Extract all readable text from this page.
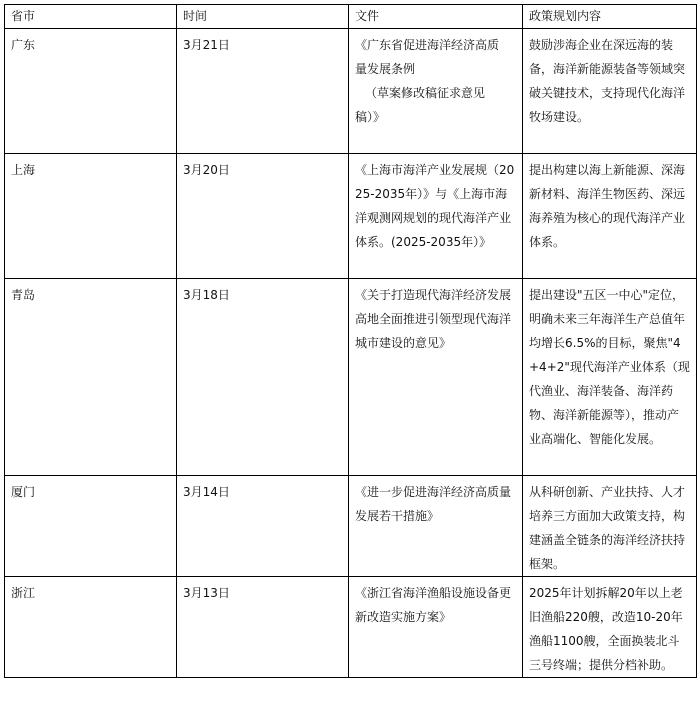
省市	时间	文件	政策规划内容

广东	3月21日	《广东省促进海洋经济高质
量发展条例
（草案修改稿征求意见
稿）》	鼓励涉海企业在深远海的装备，海洋新能源装备等领域突破关键技术，支持现代化海洋牧场建设。

上海	3月20日	《上海市海洋产业发展规（2025-2035年）》与《上海市海洋观测网规划的现代海洋产业体系。(2025-2035年）》	提出构建以海上新能源、深海新材料、海洋生物医药、深远海养殖为核心的现代海洋产业体系。

青岛	3月18日	《关于打造现代海洋经济发展高地全面推进引领型现代海洋城市建设的意见》	提出建设"五区一中心"定位，明确未来三年海洋生产总值年均增长6.5%的目标，聚焦"4+4+2"现代海洋产业体系（现代渔业、海洋装备、海洋药物、海洋新能源等），推动产业高端化、智能化发展。

厦门	3月14日	《进一步促进海洋经济高质量发展若干措施》	从科研创新、产业扶持、人才培养三方面加大政策支持，构建涵盖全链条的海洋经济扶持框架。

浙江	3月13日	《浙江省海洋渔船设施设备更新改造实施方案》	2025年计划拆解20年以上老旧渔船220艘，改造10-20年渔船1100艘，全面换装北斗三号终端；提供分档补助。
